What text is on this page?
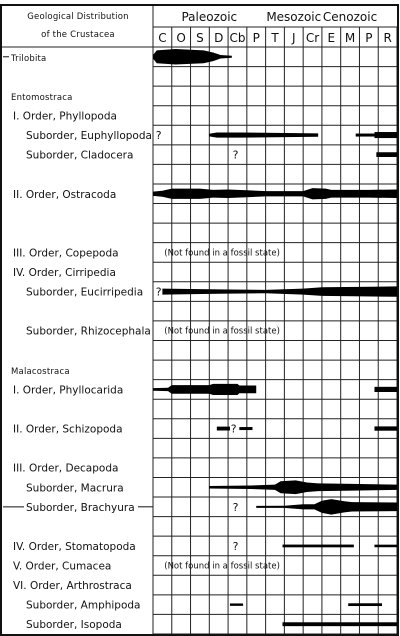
Geological Distribution
of the Crustacea
Paleozoic Mesozoic Cenozoic
C O S D Cb P T J Cr E M P R
Trilobita
Entomostraca
I. Order, Phyllopoda
Suborder, Euphyllopoda ?
Suborder, Cladocera	?
II. Order, Ostracoda
III. Order, Copepoda	(Not found in a fossil state)
IV. Order, Cirripedia
Suborder, Eucirripedia ?
Suborder, Rhizocephala (Not found in a fossil state)
Malacostraca
I. Order, Phyllocarida
II. Order, Schizopoda	?
III. Order, Decapoda
Suborder, Macrura
Suborder, Brachyura	?
IV. Order, Stomatopoda	?
V. Order, Cumacea	(Not found in a fossil state)
VI. Order, Arthrostraca
Suborder, Amphipoda
Suborder, Isopoda
